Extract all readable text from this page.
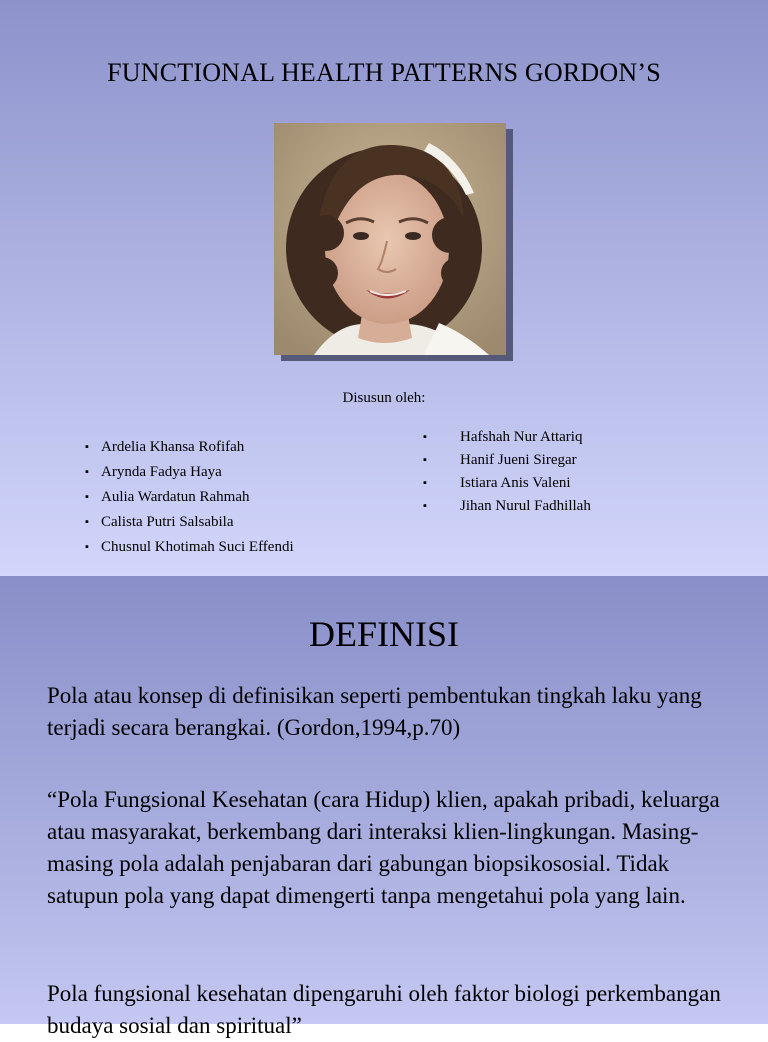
FUNCTIONAL HEALTH PATTERNS GORDON’S
Disusun oleh:
▪ Ardelia Khansa Rofifah
▪ Arynda Fadya Haya
▪ Aulia Wardatun Rahmah
▪ Calista Putri Salsabila
▪ Chusnul Khotimah Suci Effendi
▪ Hafshah Nur Attariq
▪ Hanif Jueni Siregar
▪ Istiara Anis Valeni
▪ Jihan Nurul Fadhillah
DEFINISI
Pola atau konsep di definisikan seperti pembentukan tingkah laku yang terjadi secara berangkai. (Gordon,1994,p.70)
“Pola Fungsional Kesehatan (cara Hidup) klien, apakah pribadi, keluarga atau masyarakat, berkembang dari interaksi klien-lingkungan. Masing-masing pola adalah penjabaran dari gabungan biopsikososial. Tidak satupun pola yang dapat dimengerti tanpa mengetahui pola yang lain.
Pola fungsional kesehatan dipengaruhi oleh faktor biologi perkembangan budaya sosial dan spiritual”
